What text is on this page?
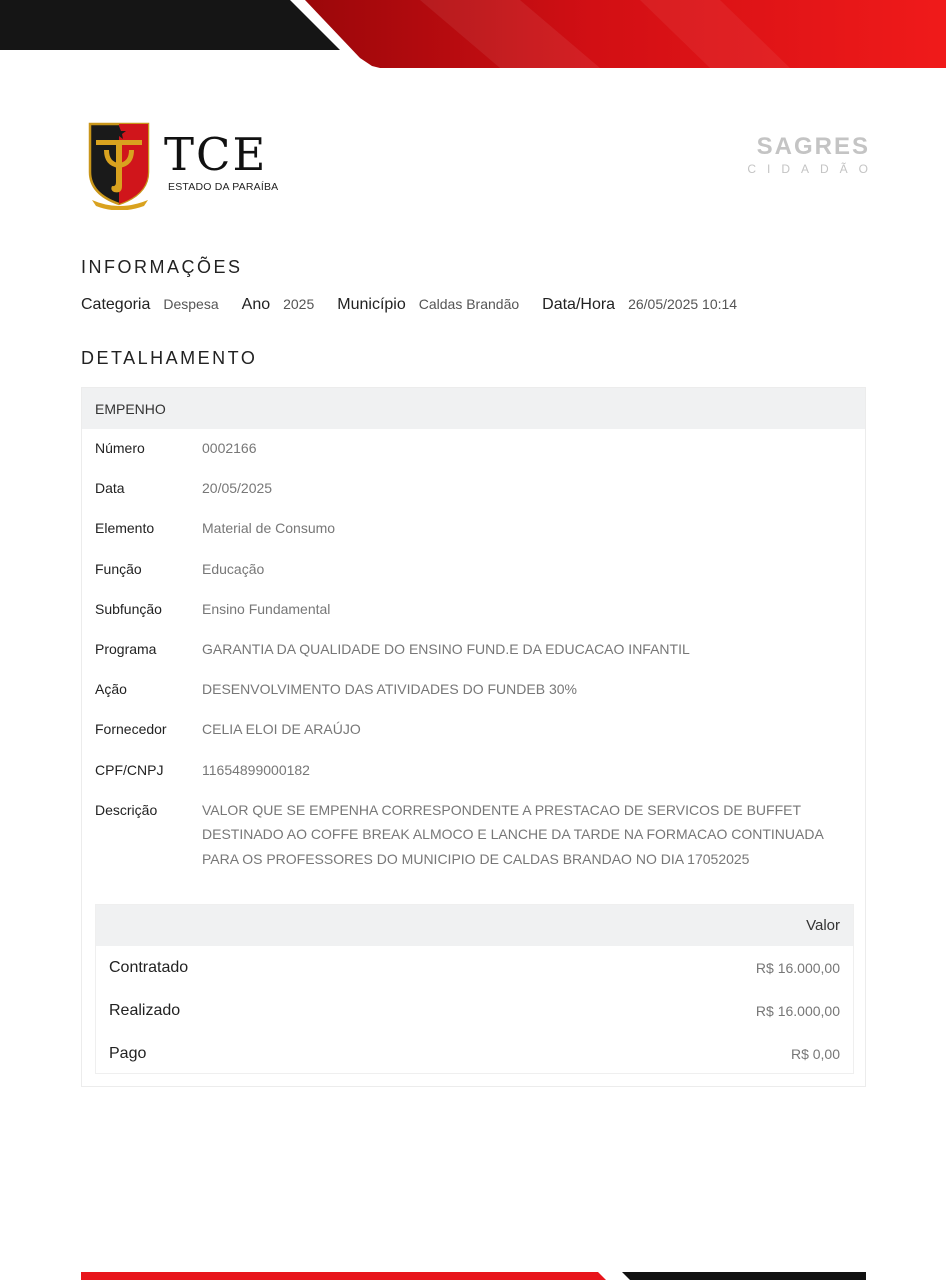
TCE
ESTADO DA PARAÍBA
SAGRES
CIDADÃO
INFORMAÇÕES
Categoria Despesa Ano 2025 Município Caldas Brandão Data/Hora 26/05/2025 10:14
DETALHAMENTO
EMPENHO
Número	0002166
Data	20/05/2025
Elemento	Material de Consumo
Função	Educação
Subfunção	Ensino Fundamental
Programa	GARANTIA DA QUALIDADE DO ENSINO FUND.E DA EDUCACAO INFANTIL
Ação	DESENVOLVIMENTO DAS ATIVIDADES DO FUNDEB 30%
Fornecedor	CELIA ELOI DE ARAÚJO
CPF/CNPJ	11654899000182
Descrição	VALOR QUE SE EMPENHA CORRESPONDENTE A PRESTACAO DE SERVICOS DE BUFFET
DESTINADO AO COFFE BREAK ALMOCO E LANCHE DA TARDE NA FORMACAO CONTINUADA
PARA OS PROFESSORES DO MUNICIPIO DE CALDAS BRANDAO NO DIA 17052025
Valor
Contratado	R$ 16.000,00
Realizado	R$ 16.000,00
Pago	R$ 0,00
